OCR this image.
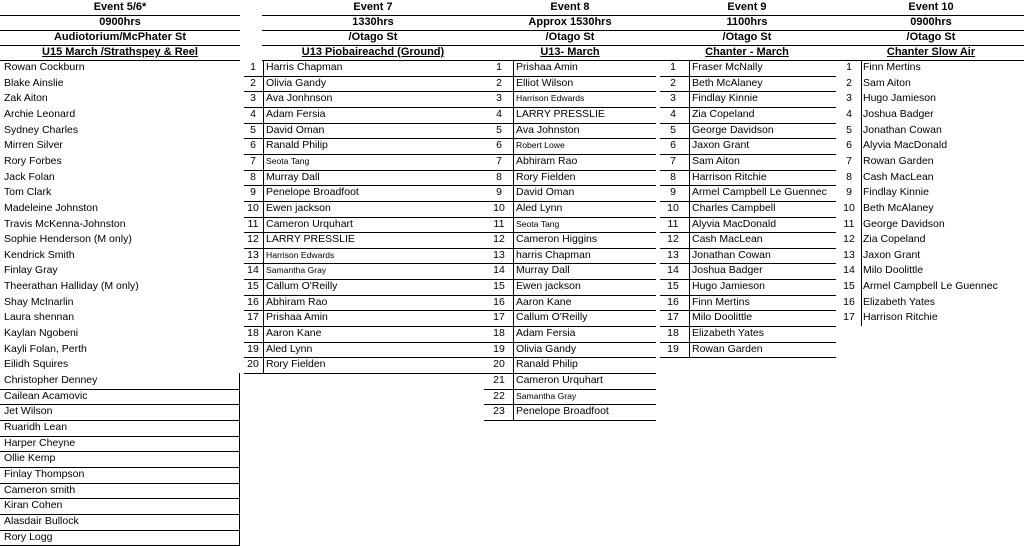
Event 5/6*
0900hrs
Audiotorium/McPhater St
U15 March /Strathspey & Reel
Event 7
1330hrs
/Otago St
U13 Piobaireachd (Ground)
Event 8
Approx 1530hrs
/Otago St
U13- March
Event 9
1100hrs
/Otago St
Chanter - March
Event 10
0900hrs
/Otago St
Chanter Slow Air
Rowan Cockburn
Blake Ainslie
Zak Aiton
Archie Leonard
Sydney Charles
Mirren Silver
Rory Forbes
Jack Folan
Tom Clark
Madeleine Johnston
Travis McKenna-Johnston
Sophie Henderson (M only)
Kendrick Smith
Finlay Gray
Theerathan Halliday (M only)
Shay McInarlin
Laura shennan
Kaylan Ngobeni
Kayli Folan, Perth
Eilidh Squires
Christopher Denney
Cailean Acamovic
Jet Wilson
Ruaridh Lean
Harper Cheyne
Ollie Kemp
Finlay Thompson
Cameron smith
Kiran Cohen
Alasdair Bullock
Rory Logg
1 Harris Chapman
2 Olivia Gandy
3 Ava Jonhnson
4 Adam Fersia
5 David Oman
6 Ranald Philip
7	Seota Tang
8 Murray Dall
9 Penelope Broadfoot
10 Ewen jackson
11 Cameron Urquhart
12 LARRY PRESSLIE
13 Harrison Edwards
14 Samantha Gray
15 Callum O'Reilly
16 Abhiram Rao
17 Prishaa Amin
18 Aaron Kane
19 Aled Lynn
20 Rory Fielden
1	Prishaa Amin
2	Elliot Wilson
3	Harrison Edwards
4	LARRY PRESSLIE
5	Ava Johnston
6	Robert Lowe
7	Abhiram Rao
8	Rory Fielden
9	David Oman
10	Aled Lynn
11	Seota Tang
12	Cameron Higgins
13	harris Chapman
14	Murray Dall
15	Ewen jackson
16	Aaron Kane
17	Callum O'Reilly
18	Adam Fersia
19	Olivia Gandy
20	Ranald Philip
21	Cameron Urquhart
22	Samantha Gray
23	Penelope Broadfoot
1	Fraser McNally
2	Beth McAlaney
3	Findlay Kinnie
4	Zia Copeland
5	George Davidson
6	Jaxon Grant
7	Sam Aiton
8	Harrison Ritchie
9	Armel Campbell Le Guennec
10	Charles Campbell
11	Alyvia MacDonald
12	Cash MacLean
13	Jonathan Cowan
14	Joshua Badger
15	Hugo Jamieson
16	Finn Mertins
17	Milo Doolittle
18	Elizabeth Yates
19	Rowan Garden
1	Finn Mertins
2	Sam Aiton
3	Hugo Jamieson
4	Joshua Badger
5	Jonathan Cowan
6	Alyvia MacDonald
7	Rowan Garden
8	Cash MacLean
9	Findlay Kinnie
10 Beth McAlaney
11 George Davidson
12 Zia Copeland
13 Jaxon Grant
14 Milo Doolittle
15 Armel Campbell Le Guennec
16 Elizabeth Yates
17 Harrison Ritchie
